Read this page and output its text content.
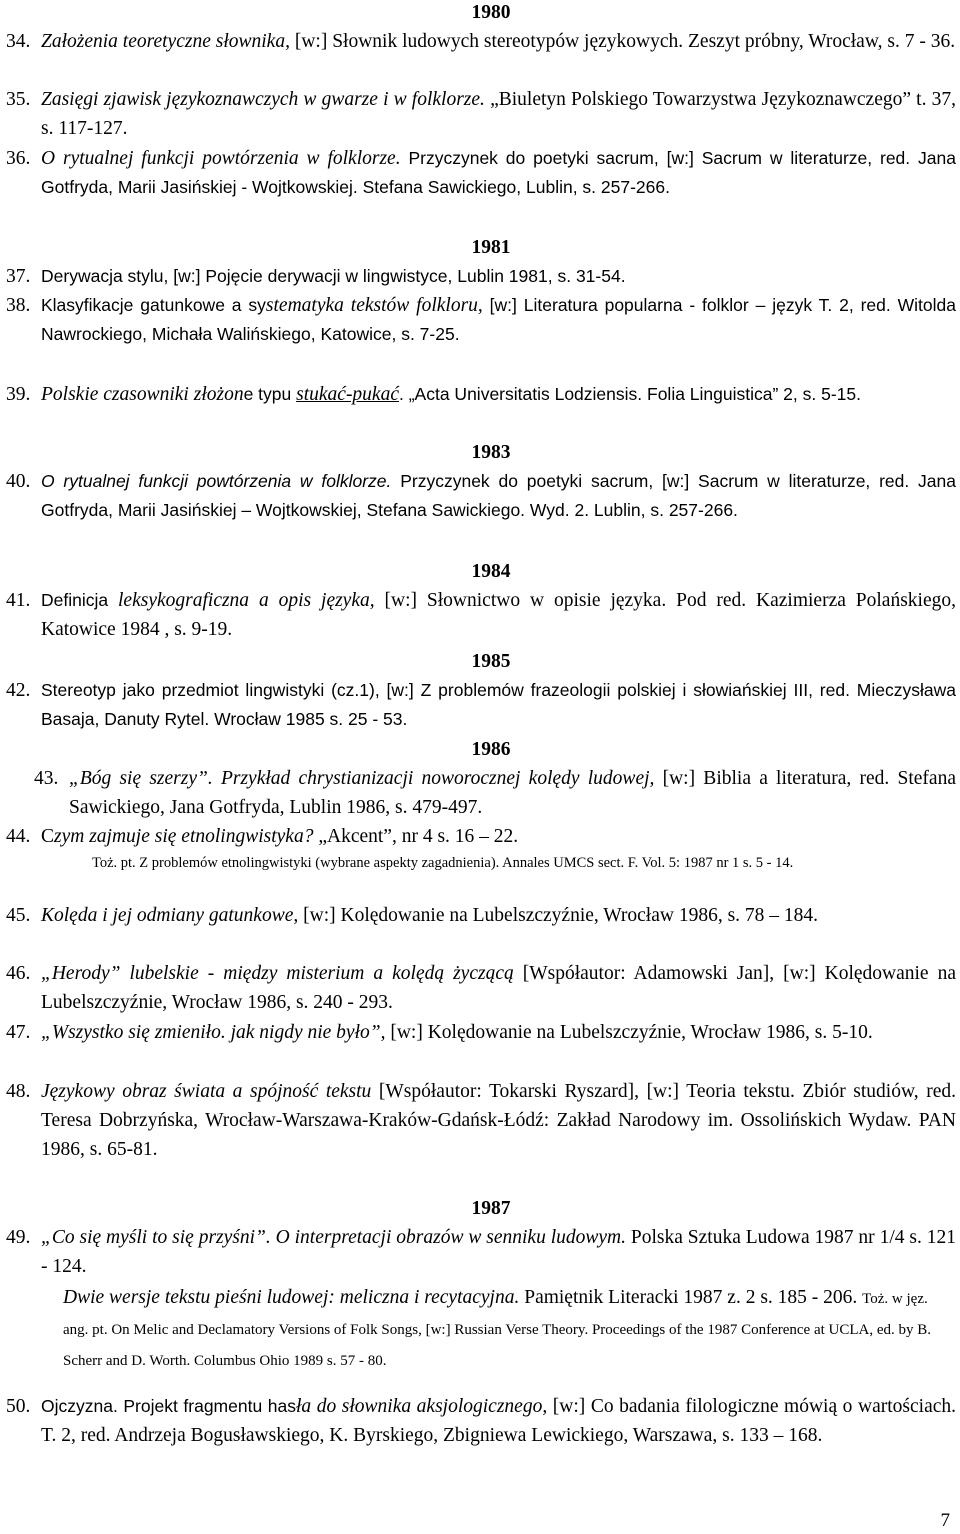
1980
34. Założenia teoretyczne słownika, [w:] Słownik ludowych stereotypów językowych. Zeszyt próbny, Wrocław, s. 7 - 36.
35. Zasięgi zjawisk językoznawczych w gwarze i w folklorze. „Biuletyn Polskiego Towarzystwa Językoznawczego” t. 37, s. 117-127.
36. O rytualnej funkcji powtórzenia w folklorze. Przyczynek do poetyki sacrum, [w:] Sacrum w literaturze, red. Jana Gotfryda, Marii Jasińskiej - Wojtkowskiej. Stefana Sawickiego, Lublin, s. 257-266.
1981
37. Derywacja stylu, [w:] Pojęcie derywacji w lingwistyce, Lublin 1981, s. 31-54.
38. Klasyfikacje gatunkowe a systematyka tekstów folkloru, [w:] Literatura popularna - folklor – język T. 2, red. Witolda Nawrockiego, Michała Walińskiego, Katowice, s. 7-25.
39. Polskie czasowniki złożone typu stukać-pukać. „Acta Universitatis Lodziensis. Folia Linguistica” 2, s. 5-15.
1983
40. O rytualnej funkcji powtórzenia w folklorze. Przyczynek do poetyki sacrum, [w:] Sacrum w literaturze, red. Jana Gotfryda, Marii Jasińskiej – Wojtkowskiej, Stefana Sawickiego. Wyd. 2. Lublin, s. 257-266.
1984
41. Definicja leksykograficzna a opis języka, [w:] Słownictwo w opisie języka. Pod red. Kazimierza Polańskiego, Katowice 1984 , s. 9-19.
1985
42. Stereotyp jako przedmiot lingwistyki (cz.1), [w:] Z problemów frazeologii polskiej i słowiańskiej III, red. Mieczysława Basaja, Danuty Rytel. Wrocław 1985 s. 25 - 53.
1986
43. „Bóg się szerzy”. Przykład chrystianizacji noworocznej kolędy ludowej, [w:] Biblia a literatura, red. Stefana Sawickiego, Jana Gotfryda, Lublin 1986, s. 479-497.
44. Czym zajmuje się etnolingwistyka? „Akcent”, nr 4 s. 16 – 22.
Toż. pt. Z problemów etnolingwistyki (wybrane aspekty zagadnienia). Annales UMCS sect. F. Vol. 5: 1987 nr 1 s. 5 - 14.
45. Kolęda i jej odmiany gatunkowe, [w:] Kolędowanie na Lubelszczyźnie, Wrocław 1986, s. 78 – 184.
46. „Herody” lubelskie - między misterium a kolędą życzącą [Współautor: Adamowski Jan], [w:] Kolędowanie na Lubelszczyźnie, Wrocław 1986, s. 240 - 293.
47. „Wszystko się zmieniło. jak nigdy nie było”, [w:] Kolędowanie na Lubelszczyźnie, Wrocław 1986, s. 5-10.
48. Językowy obraz świata a spójność tekstu [Współautor: Tokarski Ryszard], [w:] Teoria tekstu. Zbiór studiów, red. Teresa Dobrzyńska, Wrocław-Warszawa-Kraków-Gdańsk-Łódź: Zakład Narodowy im. Ossolińskich Wydaw. PAN 1986, s. 65-81.
1987
49. „Co się myśli to się przyśni”. O interpretacji obrazów w senniku ludowym. Polska Sztuka Ludowa 1987 nr 1/4 s. 121 - 124.
Dwie wersje tekstu pieśni ludowej: meliczna i recytacyjna. Pamiętnik Literacki 1987 z. 2 s. 185 - 206. Toż. w jęz. ang. pt. On Melic and Declamatory Versions of Folk Songs, [w:] Russian Verse Theory. Proceedings of the 1987 Conference at UCLA, ed. by B. Scherr and D. Worth. Columbus Ohio 1989 s. 57 - 80.
50. Ojczyzna. Projekt fragmentu hasła do słownika aksjologicznego, [w:] Co badania filologiczne mówią o wartościach. T. 2, red. Andrzeja Bogusławskiego, K. Byrskiego, Zbigniewa Lewickiego, Warszawa, s. 133 – 168.
7
